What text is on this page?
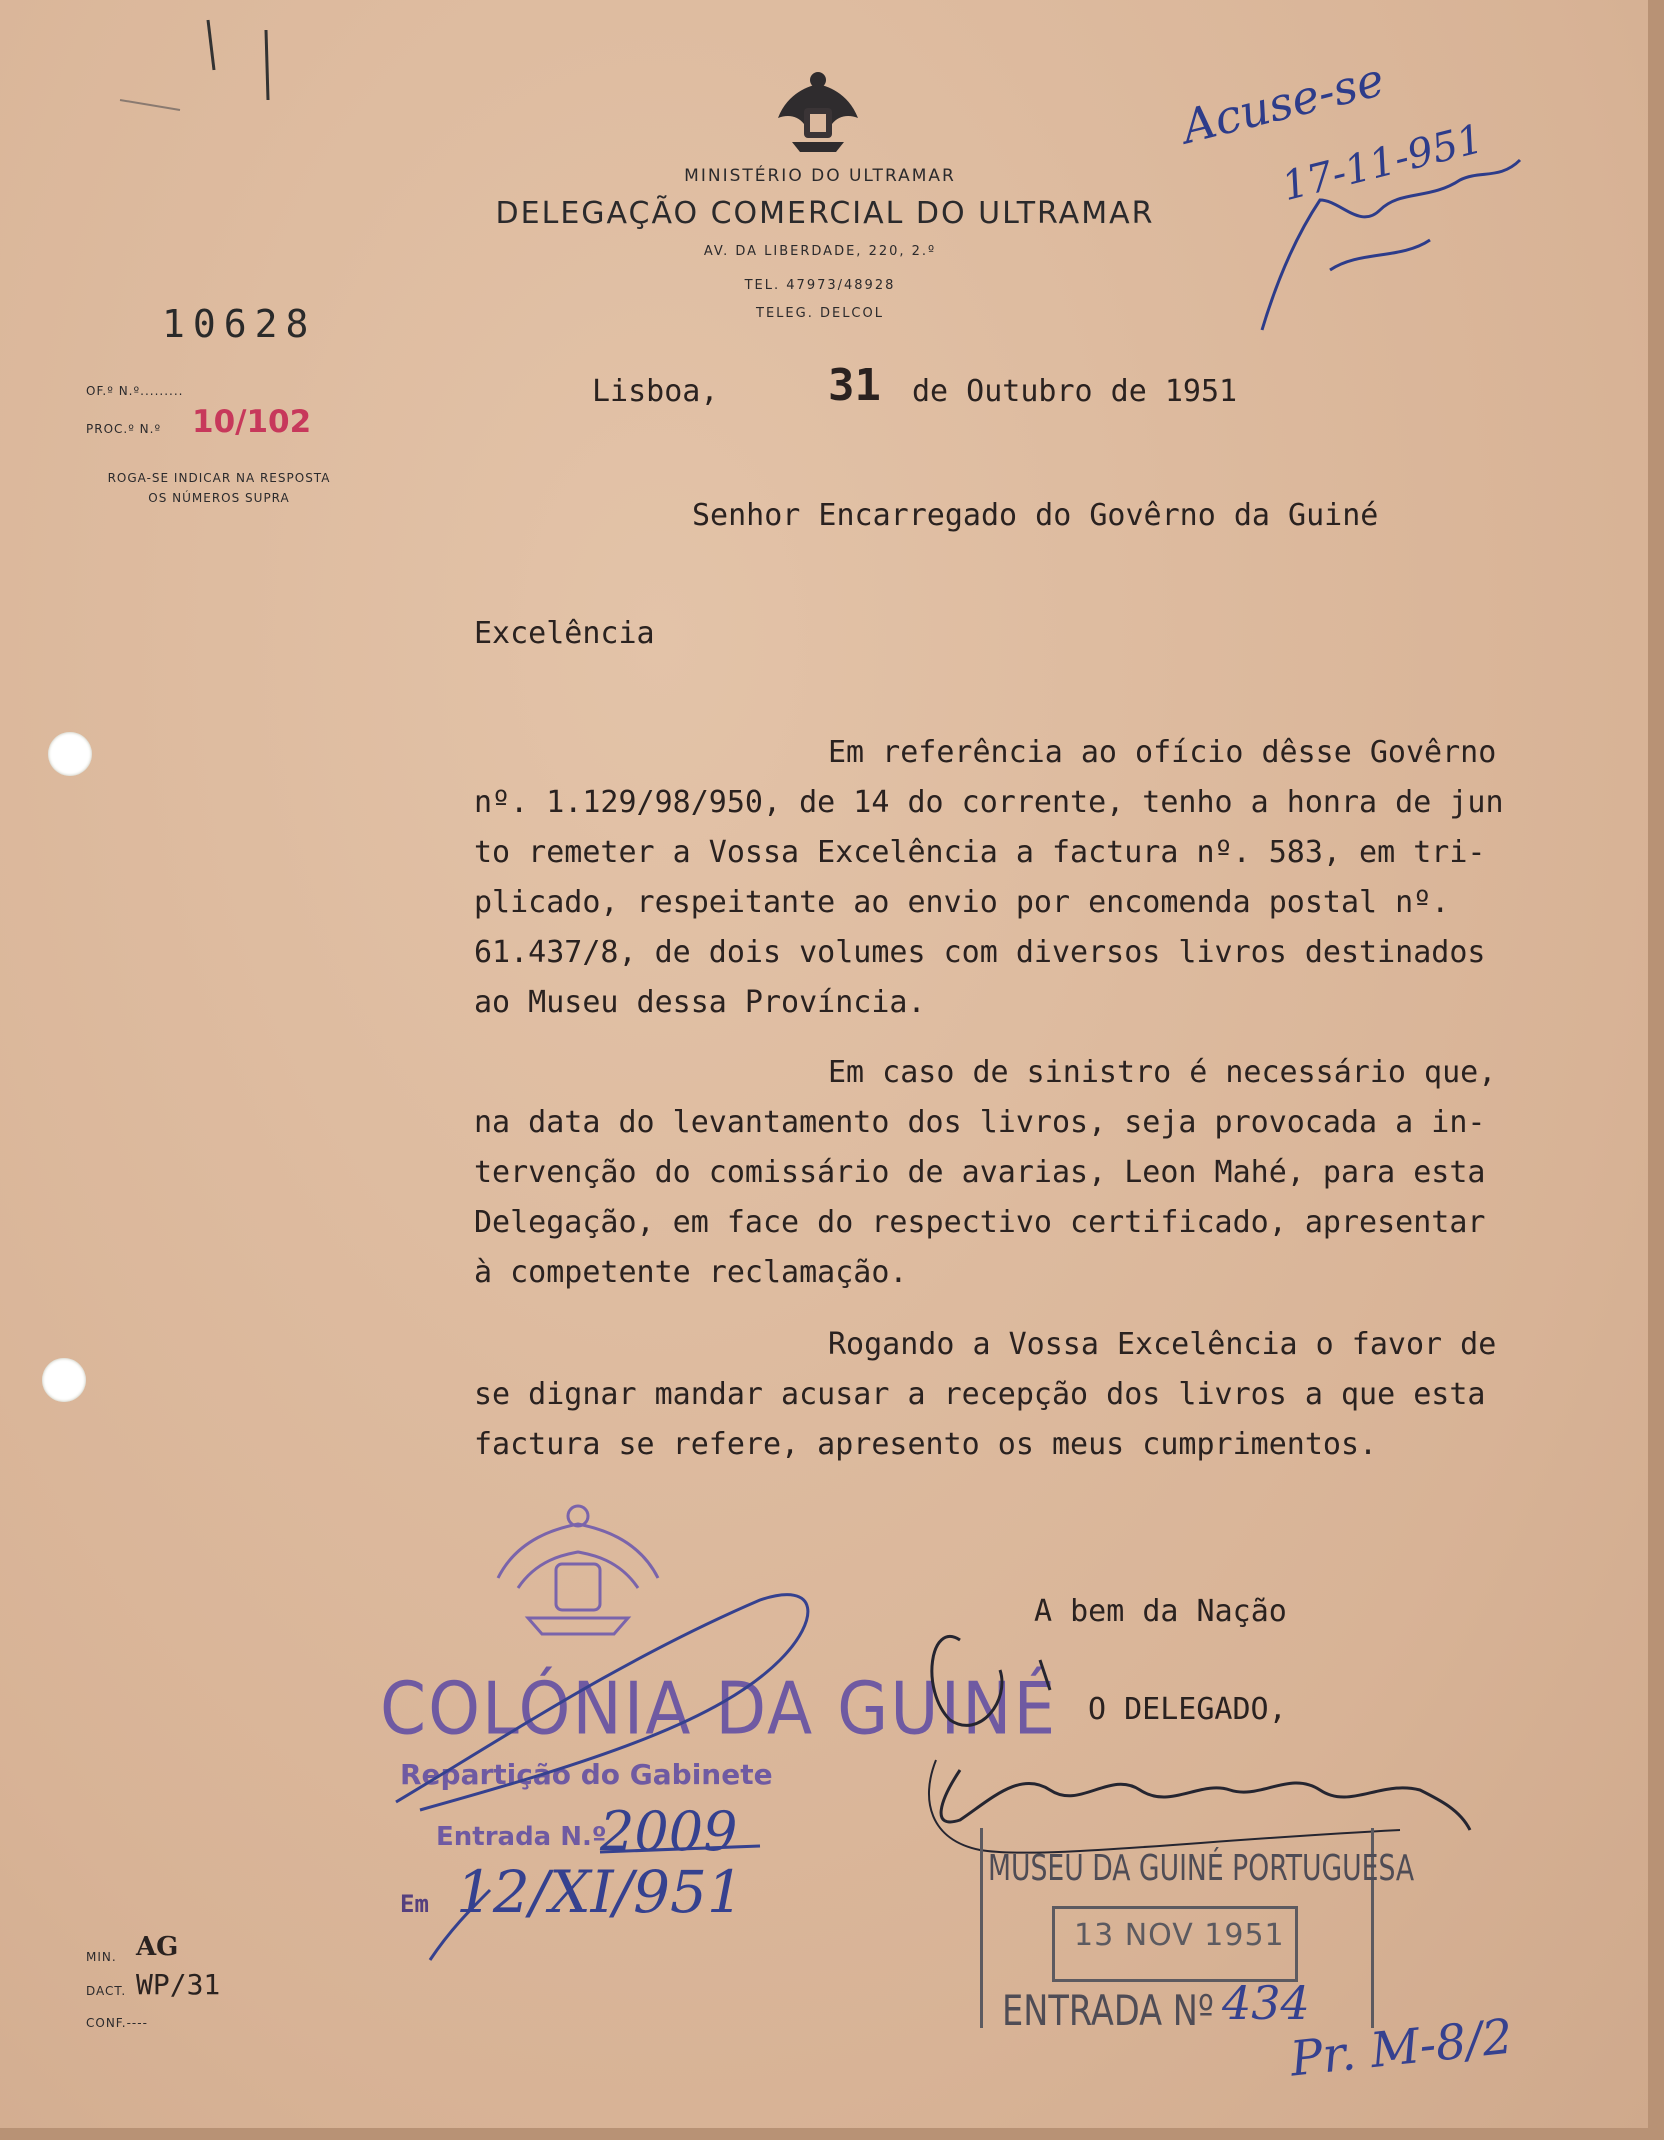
MINISTÉRIO DO ULTRAMAR
DELEGAÇÃO COMERCIAL DO ULTRAMAR
AV. DA LIBERDADE, 220, 2.º
TEL. 47973/48928
TELEG. DELCOL
Acuse-se
17-11-951
10628
OF.º N.º.........
PROC.º N.º 10/102
ROGA-SE INDICAR NA RESPOSTA
OS NÚMEROS SUPRA
Lisboa, 31 de Outubro de 1951
Senhor Encarregado do Govêrno da Guiné
Excelência
Em referência ao ofício dêsse Govêrno
nº. 1.129/98/950, de 14 do corrente, tenho a honra de jun
to remeter a Vossa Excelência a factura nº. 583, em tri-
plicado, respeitante ao envio por encomenda postal nº.
61.437/8, de dois volumes com diversos livros destinados
ao Museu dessa Província.
Em caso de sinistro é necessário que,
na data do levantamento dos livros, seja provocada a in-
tervenção do comissário de avarias, Leon Mahé, para esta
Delegação, em face do respectivo certificado, apresentar
à competente reclamação.
Rogando a Vossa Excelência o favor de
se dignar mandar acusar a recepção dos livros a que esta
factura se refere, apresento os meus cumprimentos.
A bem da Nação
O DELEGADO,
COLÓNIA DA GUINÉ
Repartição do Gabinete
Entrada N.º
2009
Em 12/XI/951	MUSEU DA GUINÉ PORTUGUESA
13 NOV 1951
ENTRADA Nº 434
Pr. M-8/2
MIN. AG
DACT. WP/31
CONF.----
